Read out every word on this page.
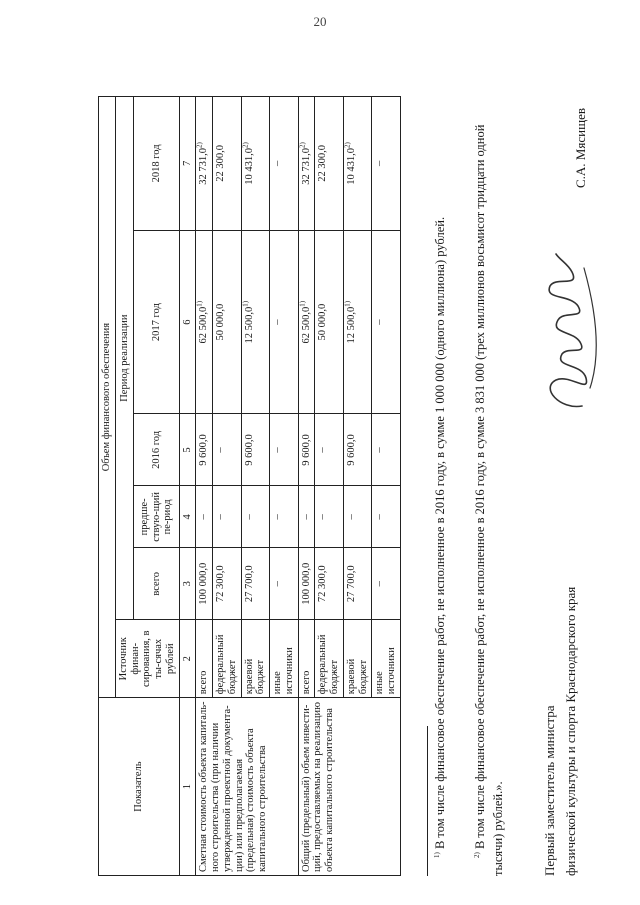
20
Показатель	Объем финансового обеспечения					
	Источник финан-сирования, в ты-сячах рублей	Период реализации				
		всего	предше-ствую-щий пе-риод	2016 год	2017 год	2018 год
1	2	3	4	5	6	7
Сметная стоимость объекта капиталь-ного строительства (при наличии утвержденной проектной документа-ции) или предполагаемая (предельная) стоимость объекта капитального строительства	всего	100 000,0	–	9 600,0	62 500,0$^{1)}$	32 731,0$^{2)}$
	федеральный бюджет	72 300,0	–	–	50 000,0	22 300,0
	краевой бюджет	27 700,0	–	9 600,0	12 500,0$^{1)}$	10 431,0$^{2)}$
	иные источники	–	–	–	–	–
Общий (предельный) объем инвести-ций, предоставляемых на реализацию объекта капитального строительства	всего	100 000,0	–	9 600,0	62 500,0$^{1)}$	32 731,0$^{2)}$
	федеральный бюджет	72 300,0	–	–	50 000,0	22 300,0
	краевой бюджет	27 700,0	–	9 600,0	12 500,0$^{1)}$	10 431,0$^{2)}$
	иные источники	–	–	–	–	–
$^{1)}$ В том числе финансовое обеспечение работ, не исполненное в 2016 году, в сумме 1 000 000 (одного миллиона) рублей.
$^{2)}$ В том числе финансовое обеспечение работ, не исполненное в 2016 году, в сумме 3 831 000 (трех миллионов восьмисот тридцати одной тысячи) рублей.».	Первый заместитель министра физической культуры и спорта Краснодарского края
С.А. Мясищев
